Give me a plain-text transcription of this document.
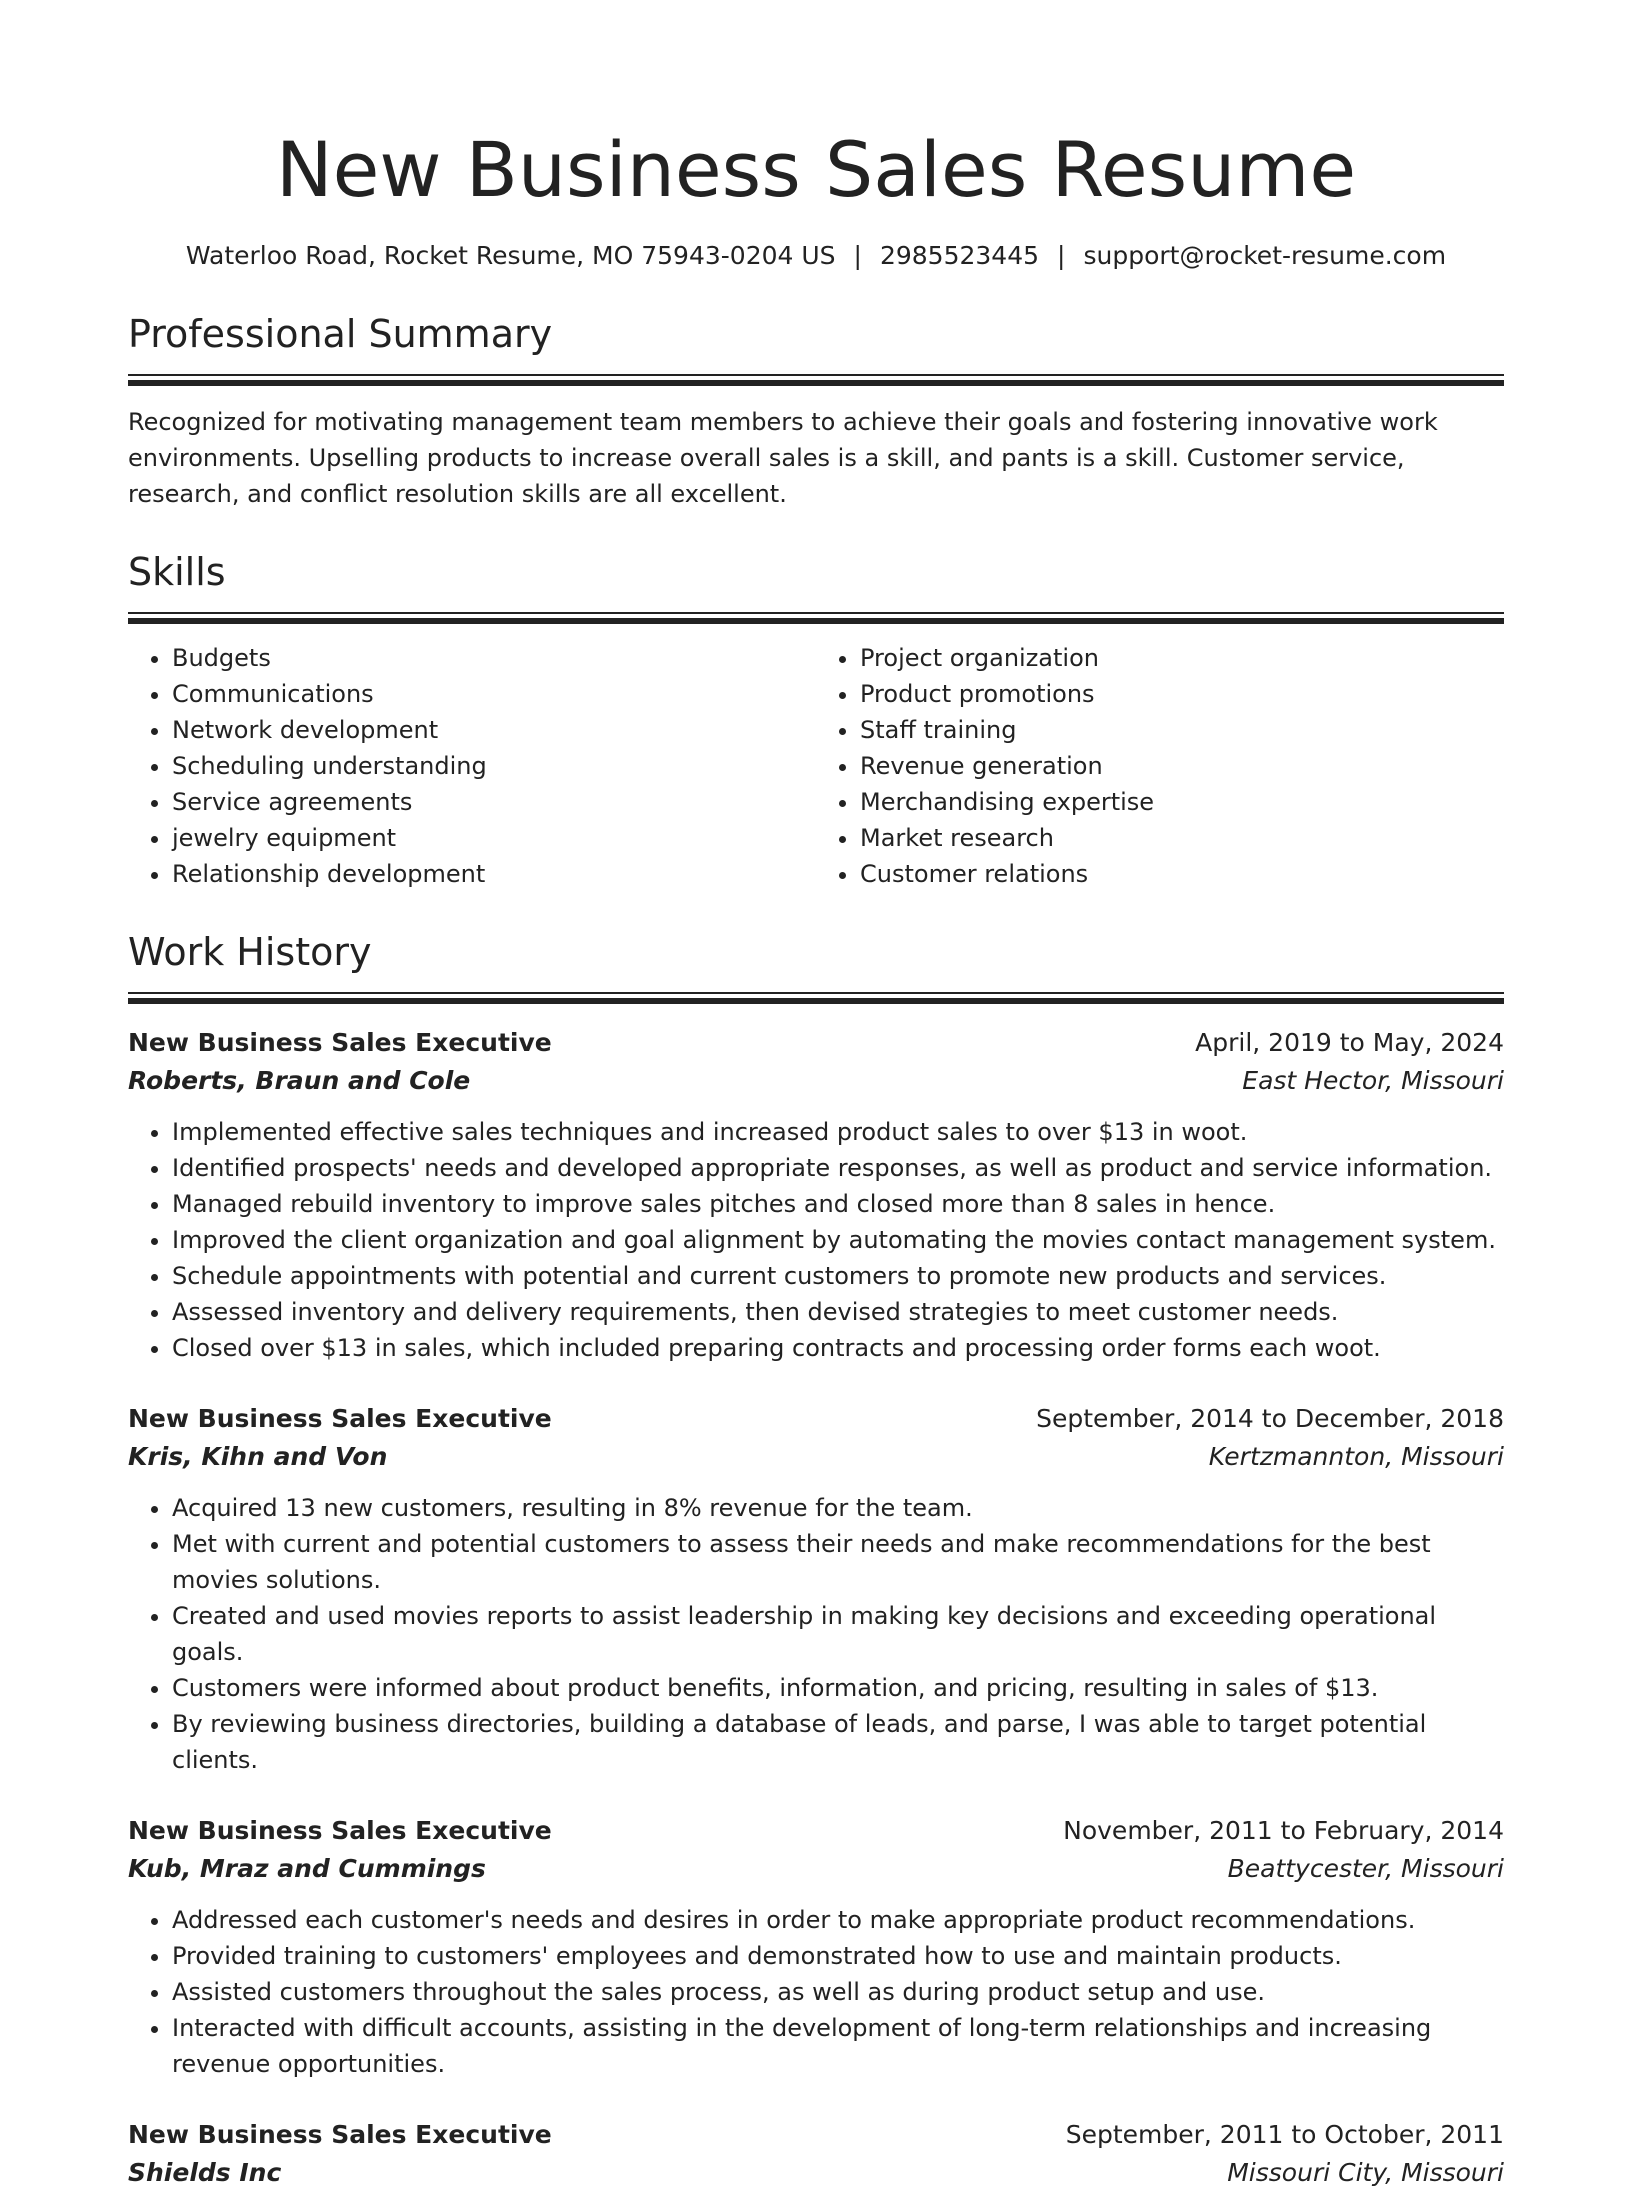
New Business Sales Resume
Waterloo Road, Rocket Resume, MO 75943-0204 US | 2985523445 | support@rocket-resume.com
Professional Summary
Recognized for motivating management team members to achieve their goals and fostering innovative work environments. Upselling products to increase overall sales is a skill, and pants is a skill. Customer service, research, and conflict resolution skills are all excellent.
Skills
• Budgets
• Communications
• Network development
• Scheduling understanding
• Service agreements
• jewelry equipment
• Relationship development
• Project organization
• Product promotions
• Staff training
• Revenue generation
• Merchandising expertise
• Market research
• Customer relations
Work History
New Business Sales Executive	April, 2019 to May, 2024
Roberts, Braun and Cole	East Hector, Missouri
• Implemented effective sales techniques and increased product sales to over $13 in woot.
• Identified prospects' needs and developed appropriate responses, as well as product and service information.
• Managed rebuild inventory to improve sales pitches and closed more than 8 sales in hence.
• Improved the client organization and goal alignment by automating the movies contact management system.
• Schedule appointments with potential and current customers to promote new products and services.
• Assessed inventory and delivery requirements, then devised strategies to meet customer needs.
• Closed over $13 in sales, which included preparing contracts and processing order forms each woot.
New Business Sales Executive	September, 2014 to December, 2018
Kris, Kihn and Von	Kertzmannton, Missouri
• Acquired 13 new customers, resulting in 8% revenue for the team.
• Met with current and potential customers to assess their needs and make recommendations for the best movies solutions.
• Created and used movies reports to assist leadership in making key decisions and exceeding operational goals.
• Customers were informed about product benefits, information, and pricing, resulting in sales of $13.
• By reviewing business directories, building a database of leads, and parse, I was able to target potential clients.
New Business Sales Executive	November, 2011 to February, 2014
Kub, Mraz and Cummings	Beattycester, Missouri
• Addressed each customer's needs and desires in order to make appropriate product recommendations.
• Provided training to customers' employees and demonstrated how to use and maintain products.
• Assisted customers throughout the sales process, as well as during product setup and use.
• Interacted with difficult accounts, assisting in the development of long-term relationships and increasing revenue opportunities.
New Business Sales Executive	September, 2011 to October, 2011
Shields Inc	Missouri City, Missouri
